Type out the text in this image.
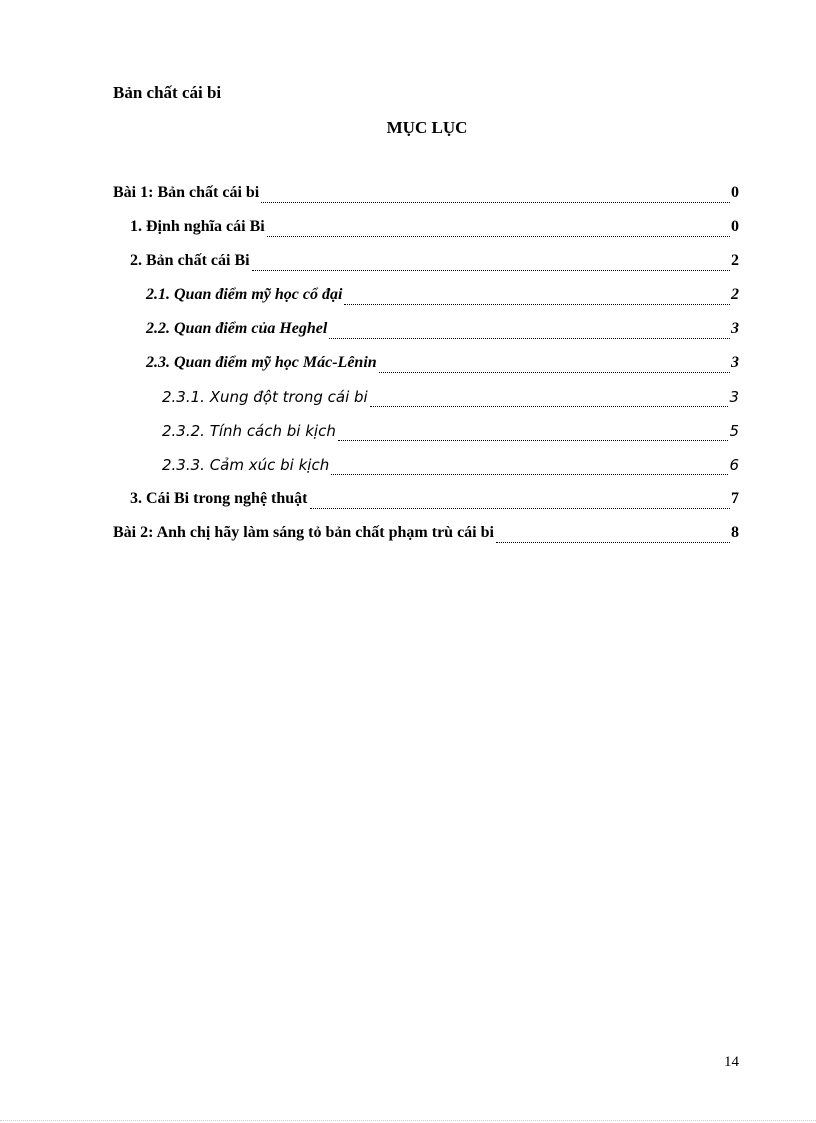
Bản chất cái bi
MỤC LỤC
Bài 1: Bản chất cái bi	0
1. Định nghĩa cái Bi	0
2. Bản chất cái Bi	2
2.1. Quan điểm mỹ học cổ đại	2
2.2. Quan điểm của Heghel	3
2.3. Quan điểm mỹ học Mác-Lênin	3
2.3.1. Xung đột trong cái bi	3
2.3.2. Tính cách bi kịch	5
2.3.3. Cảm xúc bi kịch	6
3. Cái Bi trong nghệ thuật	7
Bài 2: Anh chị hãy làm sáng tỏ bản chất phạm trù cái bi	8
14
